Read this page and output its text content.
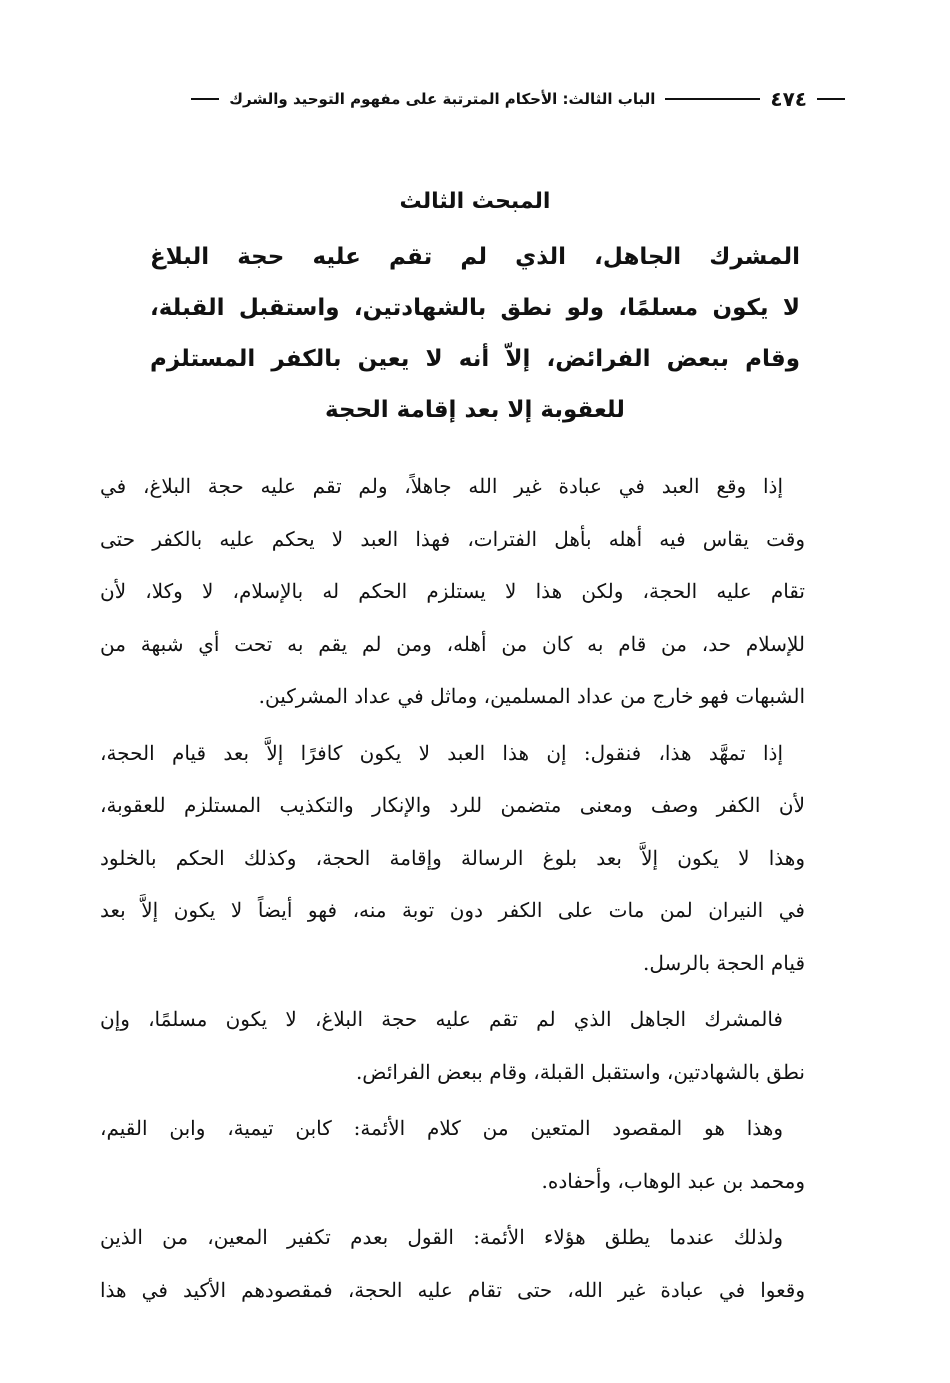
٤٧٤
الباب الثالث: الأحكام المترتبة على مفهوم التوحيد والشرك
المبحث الثالث
المشرك الجاهل، الذي لم تقم عليه حجة البلاغ
لا يكون مسلمًا، ولو نطق بالشهادتين، واستقبل القبلة،
وقام ببعض الفرائض، إلاّ أنه لا يعين بالكفر المستلزم
للعقوبة إلا بعد إقامة الحجة
إذا وقع العبد في عبادة غير الله جاهلاً، ولم تقم عليه حجة البلاغ، في
وقت يقاس فيه أهله بأهل الفترات، فهذا العبد لا يحكم عليه بالكفر حتى
تقام عليه الحجة، ولكن هذا لا يستلزم الحكم له بالإسلام، لا وكلا، لأن
للإسلام حد، من قام به كان من أهله، ومن لم يقم به تحت أي شبهة من
الشبهات فهو خارج من عداد المسلمين، وماثل في عداد المشركين.
إذا تمهَّد هذا، فنقول: إن هذا العبد لا يكون كافرًا إلاَّ بعد قيام الحجة،
لأن الكفر وصف ومعنى متضمن للرد والإنكار والتكذيب المستلزم للعقوبة،
وهذا لا يكون إلاَّ بعد بلوغ الرسالة وإقامة الحجة، وكذلك الحكم بالخلود
في النيران لمن مات على الكفر دون توبة منه، فهو أيضاً لا يكون إلاَّ بعد
قيام الحجة بالرسل.
فالمشرك الجاهل الذي لم تقم عليه حجة البلاغ، لا يكون مسلمًا، وإن
نطق بالشهادتين، واستقبل القبلة، وقام ببعض الفرائض.
وهذا هو المقصود المتعين من كلام الأئمة: كابن تيمية، وابن القيم،
ومحمد بن عبد الوهاب، وأحفاده.
ولذلك عندما يطلق هؤلاء الأئمة: القول بعدم تكفير المعين، من الذين
وقعوا في عبادة غير الله، حتى تقام عليه الحجة، فمقصودهم الأكيد في هذا
